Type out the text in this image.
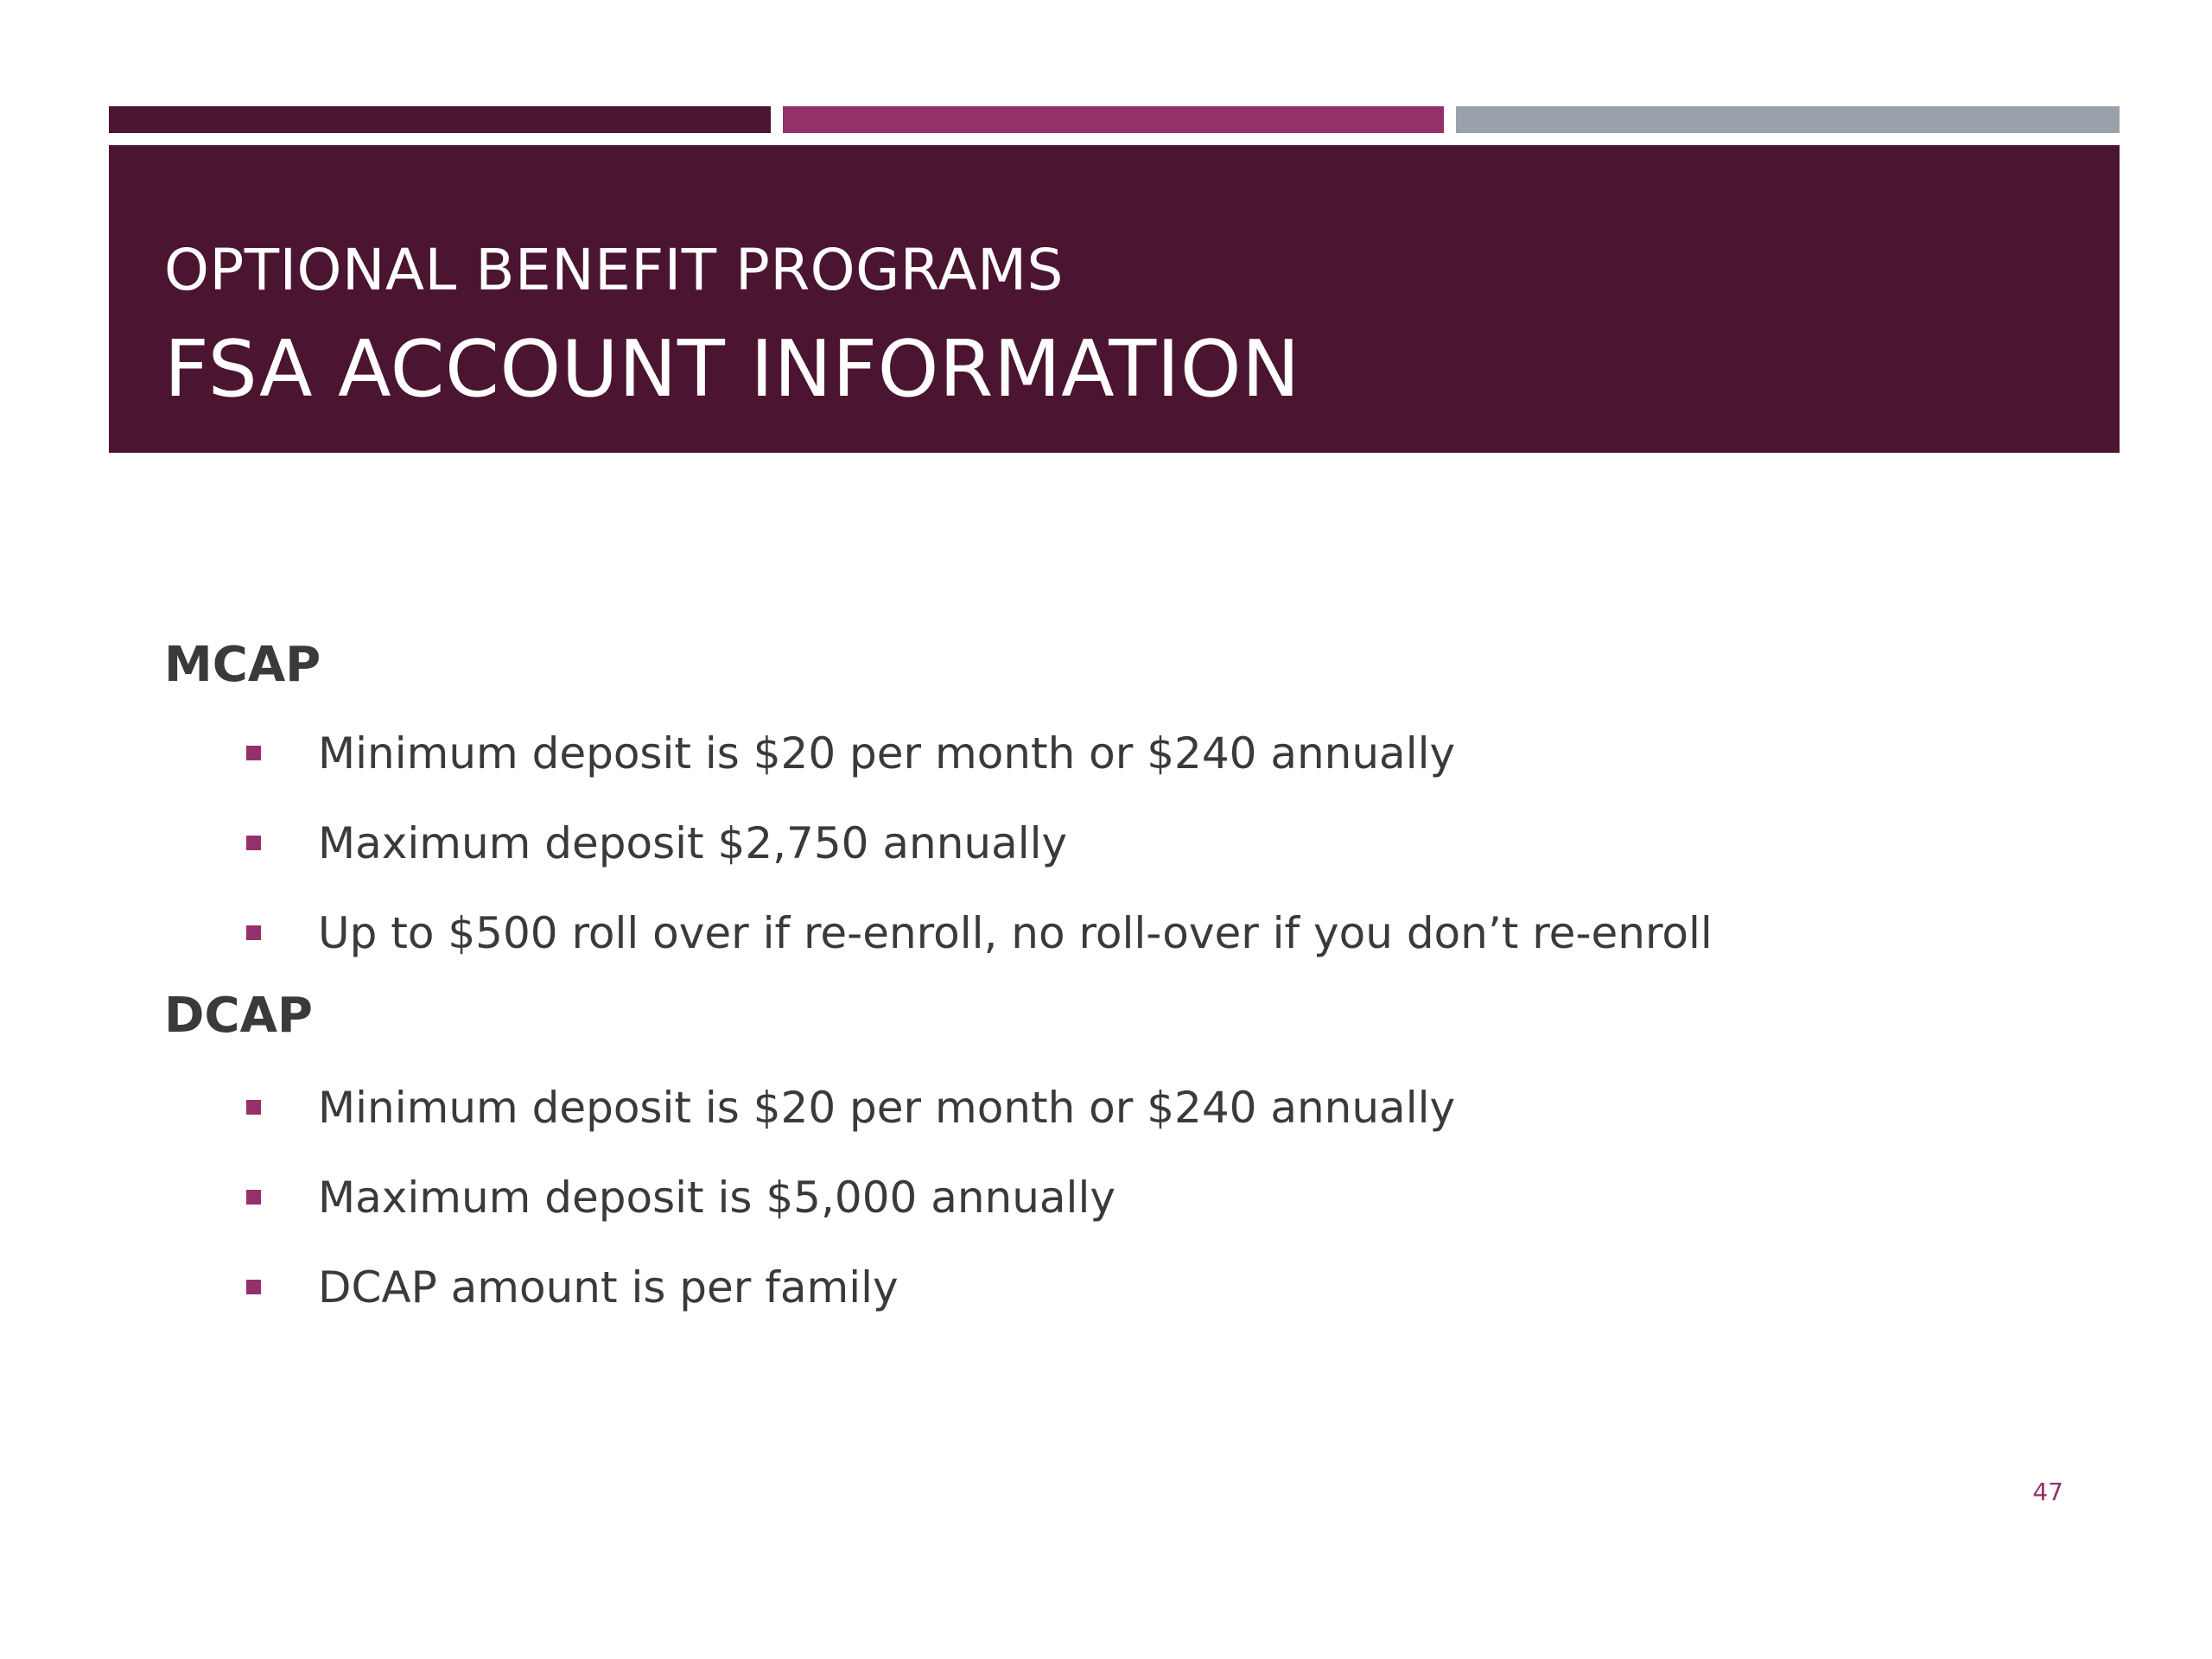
OPTIONAL BENEFIT PROGRAMS
FSA ACCOUNT INFORMATION
MCAP
Minimum deposit is $20 per month or $240 annually
Maximum deposit $2,750 annually
Up to $500 roll over if re-enroll, no roll-over if you don’t re-enroll
DCAP
Minimum deposit is $20 per month or $240 annually
Maximum deposit is $5,000 annually
DCAP amount is per family
47
